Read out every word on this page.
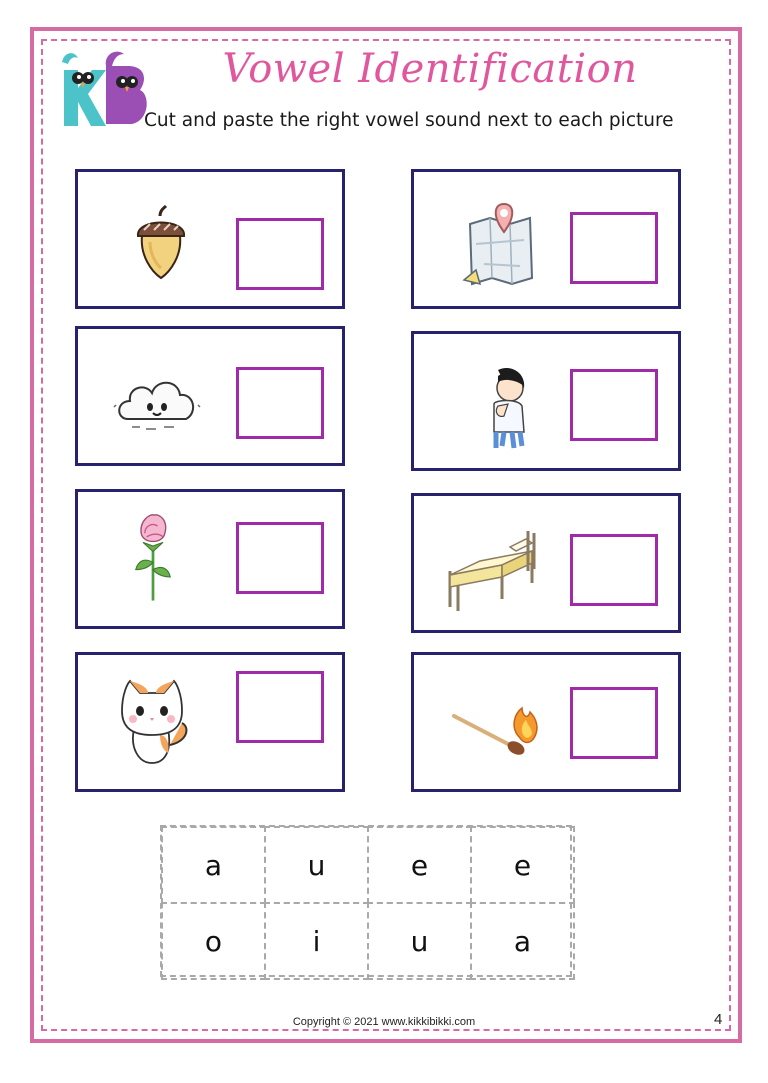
Vowel Identification
Cut and paste the right vowel sound next to each picture
a	u	e	e
o	i	u	a
Copyright © 2021 www.kikkibikki.com	4
